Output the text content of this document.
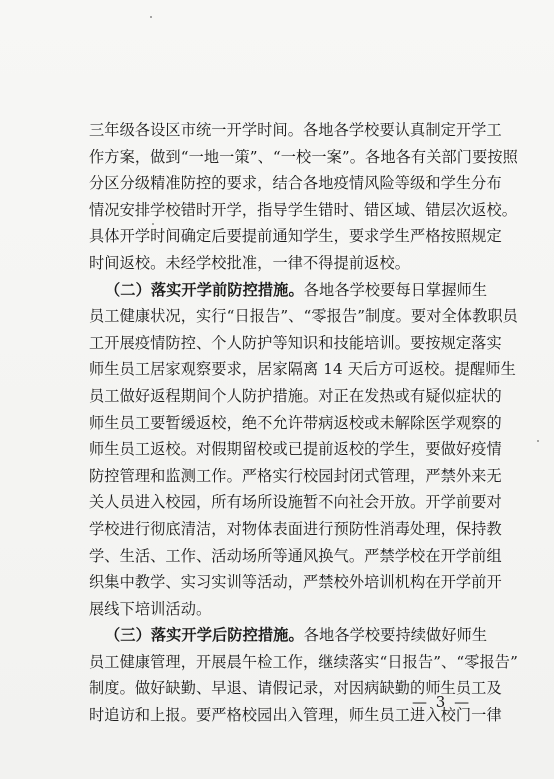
三年级各设区市统一开学时间。各地各学校要认真制定开学工
作方案，做到“一地一策”、“一校一案”。各地各有关部门要按照
分区分级精准防控的要求，结合各地疫情风险等级和学生分布
情况安排学校错时开学，指导学生错时、错区域、错层次返校。
具体开学时间确定后要提前通知学生，要求学生严格按照规定
时间返校。未经学校批准，一律不得提前返校。
（二）落实开学前防控措施。各地各学校要每日掌握师生
员工健康状况，实行“日报告”、“零报告”制度。要对全体教职员
工开展疫情防控、个人防护等知识和技能培训。要按规定落实
师生员工居家观察要求，居家隔离 14 天后方可返校。提醒师生
员工做好返程期间个人防护措施。对正在发热或有疑似症状的
师生员工要暂缓返校，绝不允许带病返校或未解除医学观察的
师生员工返校。对假期留校或已提前返校的学生，要做好疫情
防控管理和监测工作。严格实行校园封闭式管理，严禁外来无
关人员进入校园，所有场所设施暂不向社会开放。开学前要对
学校进行彻底清洁，对物体表面进行预防性消毒处理，保持教
学、生活、工作、活动场所等通风换气。严禁学校在开学前组
织集中教学、实习实训等活动，严禁校外培训机构在开学前开
展线下培训活动。
（三）落实开学后防控措施。各地各学校要持续做好师生
员工健康管理，开展晨午检工作，继续落实“日报告”、“零报告”
制度。做好缺勤、早退、请假记录，对因病缺勤的师生员工及
时追访和上报。要严格校园出入管理，师生员工进入校门一律
— 3 —
